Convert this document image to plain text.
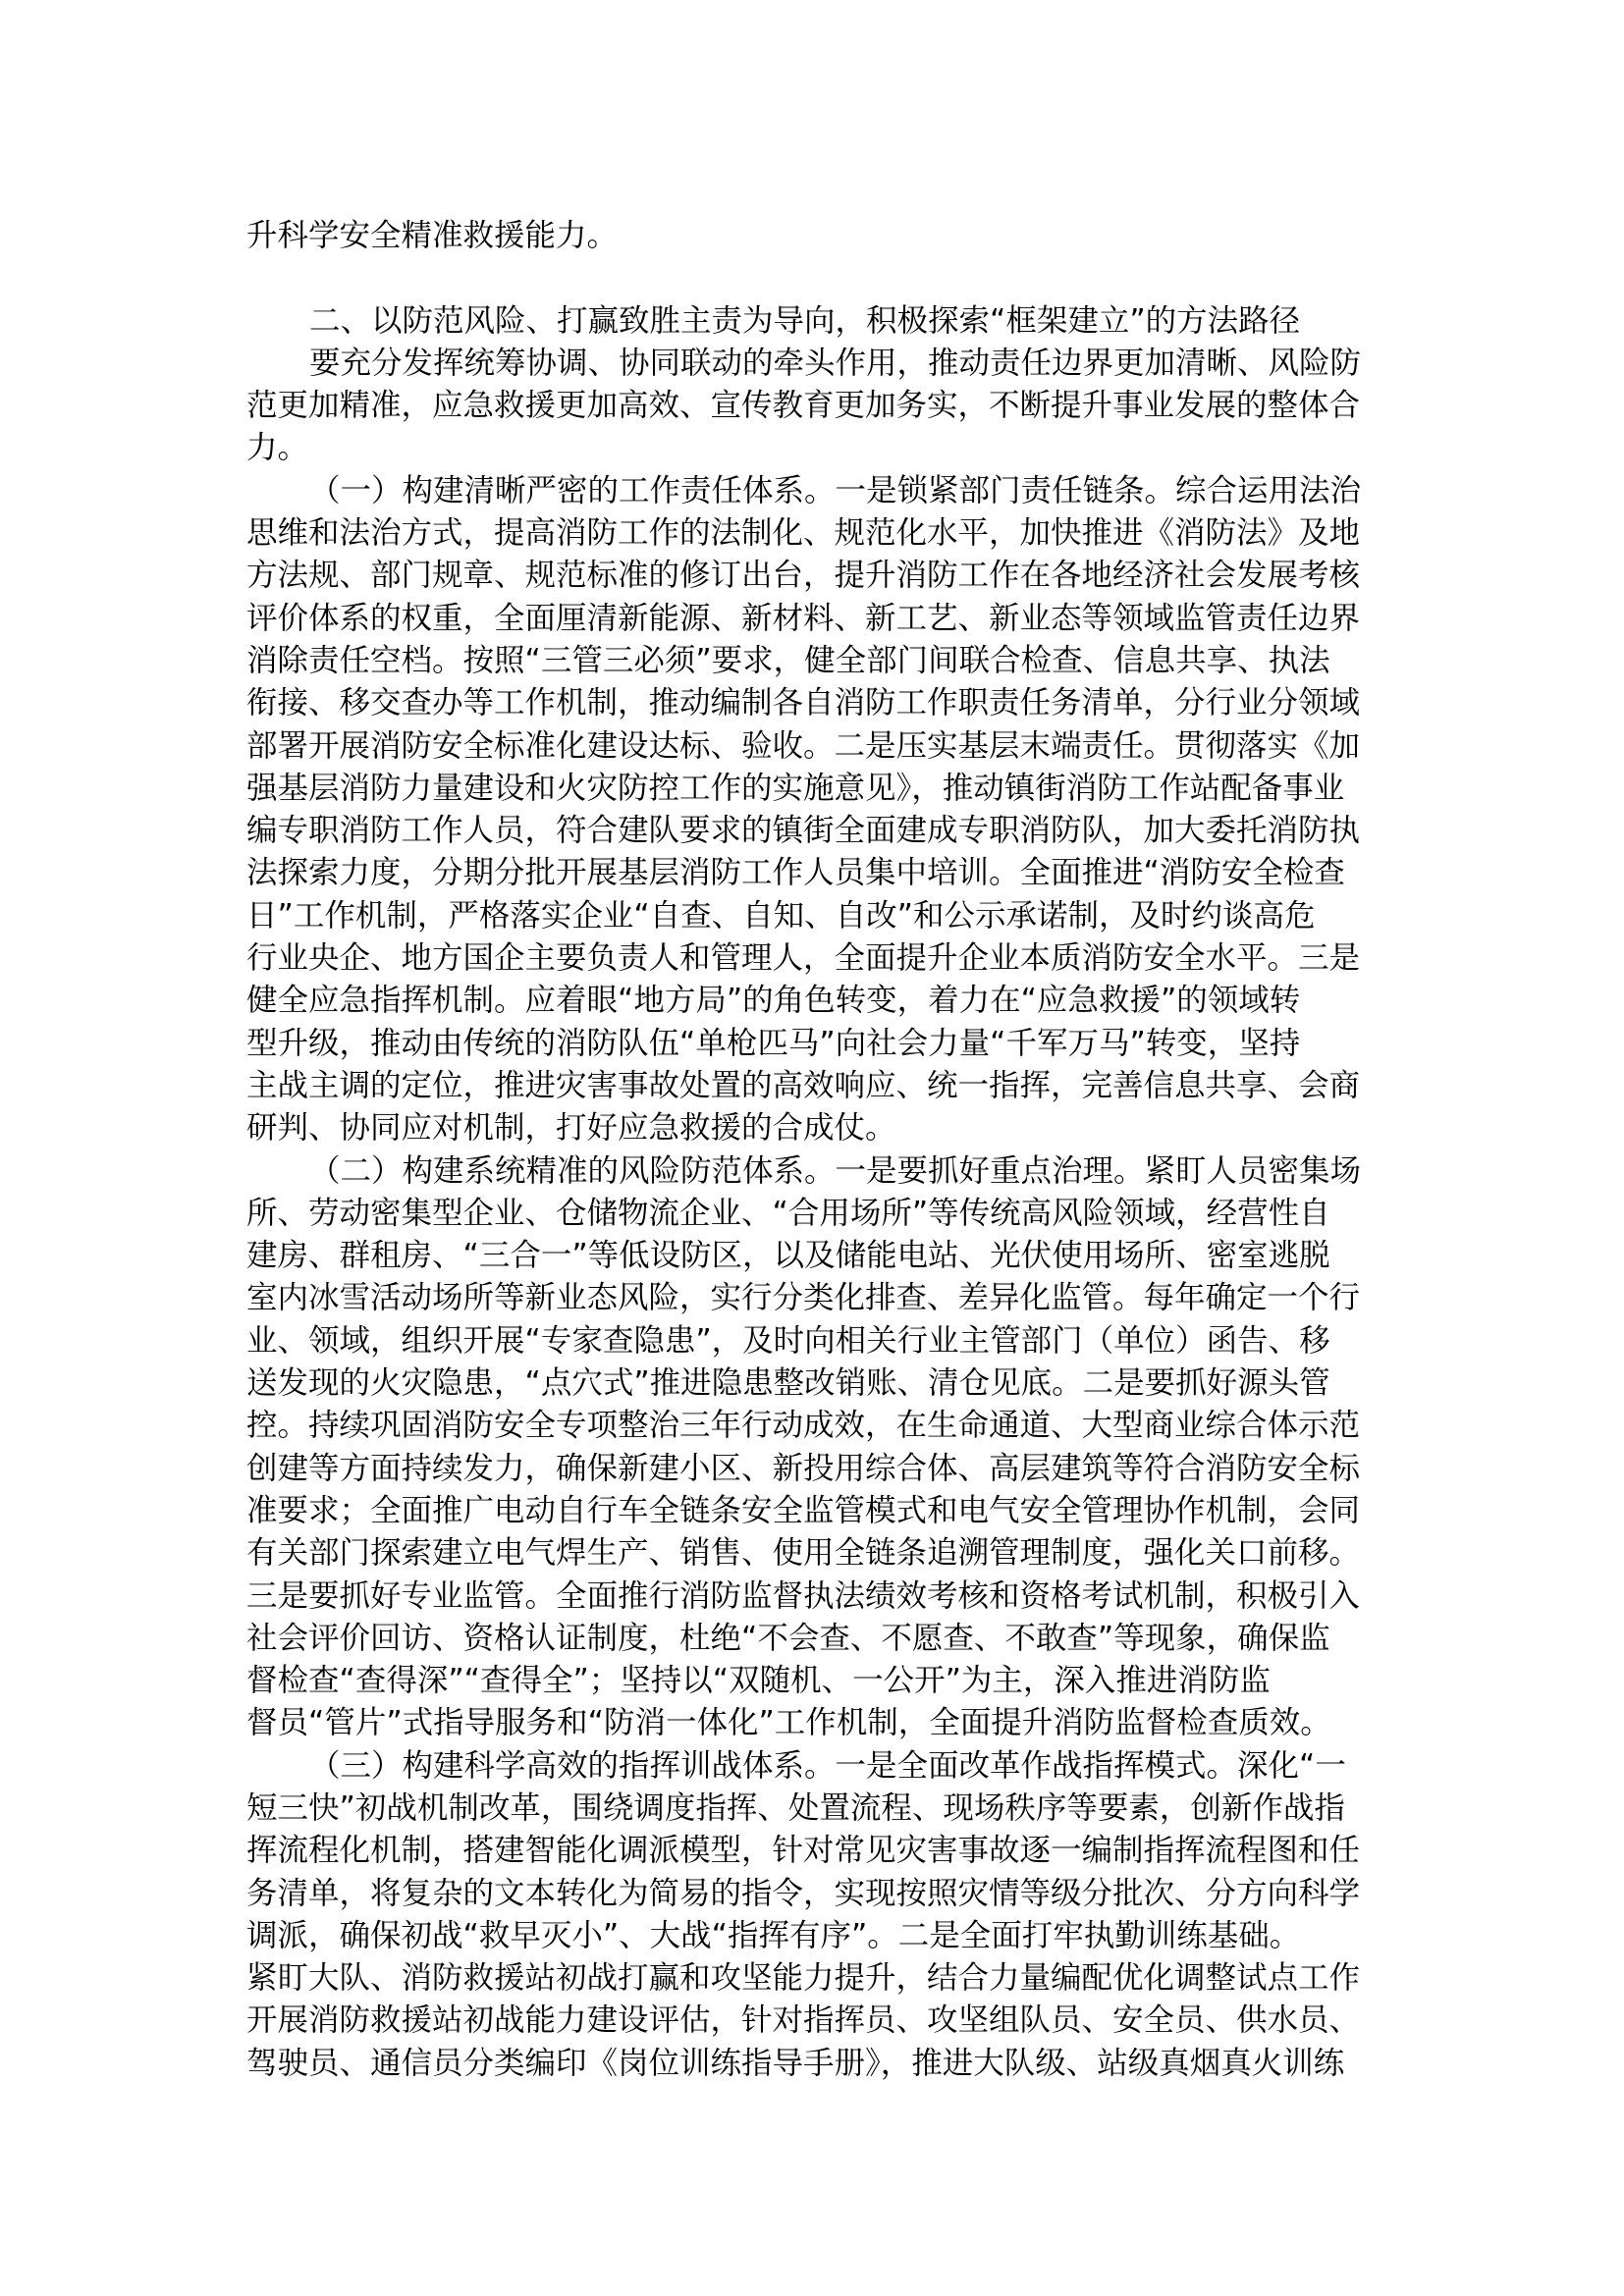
升科学安全精准救援能力。
二、以防范风险、打赢致胜主责为导向，积极探索“框架建立”的方法路径
要充分发挥统筹协调、协同联动的牵头作用，推动责任边界更加清晰、风险防
范更加精准，应急救援更加高效、宣传教育更加务实，不断提升事业发展的整体合
力。
（一）构建清晰严密的工作责任体系。一是锁紧部门责任链条。综合运用法治
思维和法治方式，提高消防工作的法制化、规范化水平，加快推进《消防法》及地
方法规、部门规章、规范标准的修订出台，提升消防工作在各地经济社会发展考核
评价体系的权重，全面厘清新能源、新材料、新工艺、新业态等领域监管责任边界
消除责任空档。按照“三管三必须”要求，健全部门间联合检查、信息共享、执法
衔接、移交查办等工作机制，推动编制各自消防工作职责任务清单，分行业分领域
部署开展消防安全标准化建设达标、验收。二是压实基层末端责任。贯彻落实《加
强基层消防力量建设和火灾防控工作的实施意见》，推动镇街消防工作站配备事业
编专职消防工作人员，符合建队要求的镇街全面建成专职消防队，加大委托消防执
法探索力度，分期分批开展基层消防工作人员集中培训。全面推进“消防安全检查
日”工作机制，严格落实企业“自查、自知、自改”和公示承诺制，及时约谈高危
行业央企、地方国企主要负责人和管理人，全面提升企业本质消防安全水平。三是
健全应急指挥机制。应着眼“地方局”的角色转变，着力在“应急救援”的领域转
型升级，推动由传统的消防队伍“单枪匹马”向社会力量“千军万马”转变，坚持
主战主调的定位，推进灾害事故处置的高效响应、统一指挥，完善信息共享、会商
研判、协同应对机制，打好应急救援的合成仗。
（二）构建系统精准的风险防范体系。一是要抓好重点治理。紧盯人员密集场
所、劳动密集型企业、仓储物流企业、“合用场所”等传统高风险领域，经营性自
建房、群租房、“三合一”等低设防区，以及储能电站、光伏使用场所、密室逃脱
室内冰雪活动场所等新业态风险，实行分类化排查、差异化监管。每年确定一个行
业、领域，组织开展“专家查隐患”，及时向相关行业主管部门（单位）函告、移
送发现的火灾隐患，“点穴式”推进隐患整改销账、清仓见底。二是要抓好源头管
控。持续巩固消防安全专项整治三年行动成效，在生命通道、大型商业综合体示范
创建等方面持续发力，确保新建小区、新投用综合体、高层建筑等符合消防安全标
准要求；全面推广电动自行车全链条安全监管模式和电气安全管理协作机制，会同
有关部门探索建立电气焊生产、销售、使用全链条追溯管理制度，强化关口前移。
三是要抓好专业监管。全面推行消防监督执法绩效考核和资格考试机制，积极引入
社会评价回访、资格认证制度，杜绝“不会查、不愿查、不敢查”等现象，确保监
督检查“查得深”“查得全”；坚持以“双随机、一公开”为主，深入推进消防监
督员“管片”式指导服务和“防消一体化”工作机制，全面提升消防监督检查质效。
（三）构建科学高效的指挥训战体系。一是全面改革作战指挥模式。深化“一
短三快”初战机制改革，围绕调度指挥、处置流程、现场秩序等要素，创新作战指
挥流程化机制，搭建智能化调派模型，针对常见灾害事故逐一编制指挥流程图和任
务清单，将复杂的文本转化为简易的指令，实现按照灾情等级分批次、分方向科学
调派，确保初战“救早灭小”、大战“指挥有序”。二是全面打牢执勤训练基础。
紧盯大队、消防救援站初战打赢和攻坚能力提升，结合力量编配优化调整试点工作
开展消防救援站初战能力建设评估，针对指挥员、攻坚组队员、安全员、供水员、
驾驶员、通信员分类编印《岗位训练指导手册》，推进大队级、站级真烟真火训练
